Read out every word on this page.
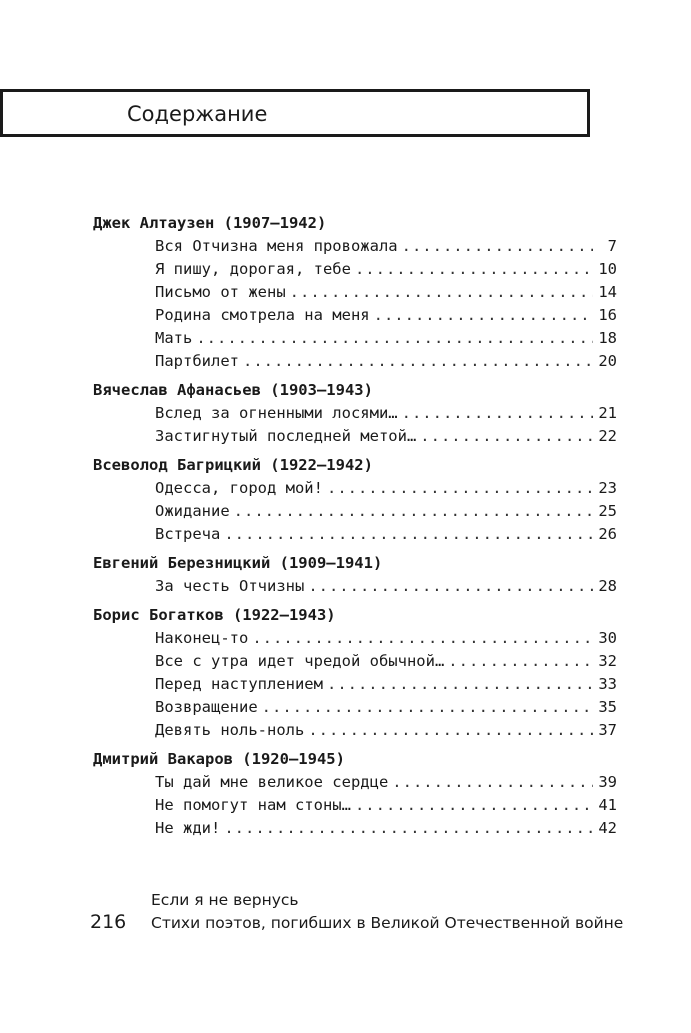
Содержание
Джек Алтаузен (1907–1942)
Вся Отчизна меня провожала .....	7
Я пишу, дорогая, тебе .....	10
Письмо от жены .....	14
Родина смотрела на меня .....	16
Мать .....	18
Партбилет .....	20
Вячеслав Афанасьев (1903–1943)
Вслед за огненными лосями… .....	21
Застигнутый последней метой… .....	22
Всеволод Багрицкий (1922–1942)
Одесса, город мой! .....	23
Ожидание .....	25
Встреча .....	26
Евгений Березницкий (1909–1941)
За честь Отчизны .....	28
Борис Богатков (1922–1943)
Наконец-то .....	30
Все с утра идет чредой обычной… .....	32
Перед наступлением .....	33
Возвращение .....	35
Девять ноль-ноль .....	37
Дмитрий Вакаров (1920–1945)
Ты дай мне великое сердце .....	39
Не помогут нам стоны… .....	41
Не жди! .....	42
Если я не вернусь
216 Стихи поэтов, погибших в Великой Отечественной войне
